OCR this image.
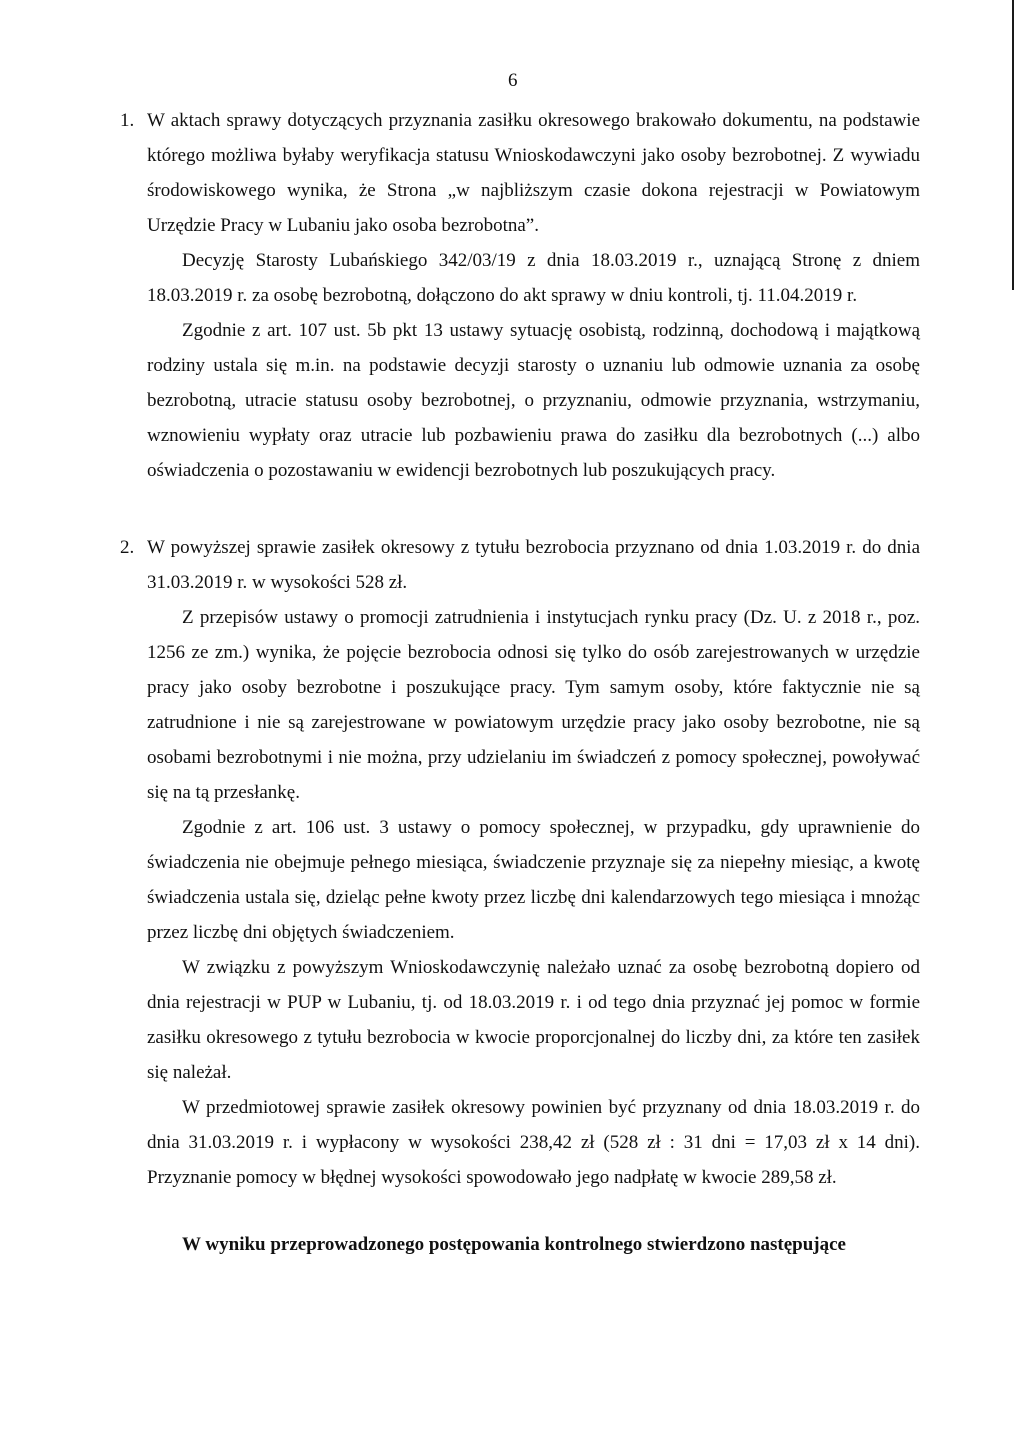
6
1. W aktach sprawy dotyczących przyznania zasiłku okresowego brakowało dokumentu, na podstawie którego możliwa byłaby weryfikacja statusu Wnioskodawczyni jako osoby bezrobotnej. Z wywiadu środowiskowego wynika, że Strona „w najbliższym czasie dokona rejestracji w Powiatowym Urzędzie Pracy w Lubaniu jako osoba bezrobotna”.

Decyzję Starosty Lubańskiego 342/03/19 z dnia 18.03.2019 r., uznającą Stronę z dniem 18.03.2019 r. za osobę bezrobotną, dołączono do akt sprawy w dniu kontroli, tj. 11.04.2019 r.

Zgodnie z art. 107 ust. 5b pkt 13 ustawy sytuację osobistą, rodzinną, dochodową i majątkową rodziny ustala się m.in. na podstawie decyzji starosty o uznaniu lub odmowie uznania za osobę bezrobotną, utracie statusu osoby bezrobotnej, o przyznaniu, odmowie przyznania, wstrzymaniu, wznowieniu wypłaty oraz utracie lub pozbawieniu prawa do zasiłku dla bezrobotnych (...) albo oświadczenia o pozostawaniu w ewidencji bezrobotnych lub poszukujących pracy.

2. W powyższej sprawie zasiłek okresowy z tytułu bezrobocia przyznano od dnia 1.03.2019 r. do dnia 31.03.2019 r. w wysokości 528 zł.

Z przepisów ustawy o promocji zatrudnienia i instytucjach rynku pracy (Dz. U. z 2018 r., poz. 1256 ze zm.) wynika, że pojęcie bezrobocia odnosi się tylko do osób zarejestrowanych w urzędzie pracy jako osoby bezrobotne i poszukujące pracy. Tym samym osoby, które faktycznie nie są zatrudnione i nie są zarejestrowane w powiatowym urzędzie pracy jako osoby bezrobotne, nie są osobami bezrobotnymi i nie można, przy udzielaniu im świadczeń z pomocy społecznej, powoływać się na tą przesłankę.

Zgodnie z art. 106 ust. 3 ustawy o pomocy społecznej, w przypadku, gdy uprawnienie do świadczenia nie obejmuje pełnego miesiąca, świadczenie przyznaje się za niepełny miesiąc, a kwotę świadczenia ustala się, dzieląc pełne kwoty przez liczbę dni kalendarzowych tego miesiąca i mnożąc przez liczbę dni objętych świadczeniem.

W związku z powyższym Wnioskodawczynię należało uznać za osobę bezrobotną dopiero od dnia rejestracji w PUP w Lubaniu, tj. od 18.03.2019 r. i od tego dnia przyznać jej pomoc w formie zasiłku okresowego z tytułu bezrobocia w kwocie proporcjonalnej do liczby dni, za które ten zasiłek się należał.

W przedmiotowej sprawie zasiłek okresowy powinien być przyznany od dnia 18.03.2019 r. do dnia 31.03.2019 r. i wypłacony w wysokości 238,42 zł (528 zł : 31 dni = 17,03 zł x 14 dni). Przyznanie pomocy w błędnej wysokości spowodowało jego nadpłatę w kwocie 289,58 zł.

W wyniku przeprowadzonego postępowania kontrolnego stwierdzono następujące
